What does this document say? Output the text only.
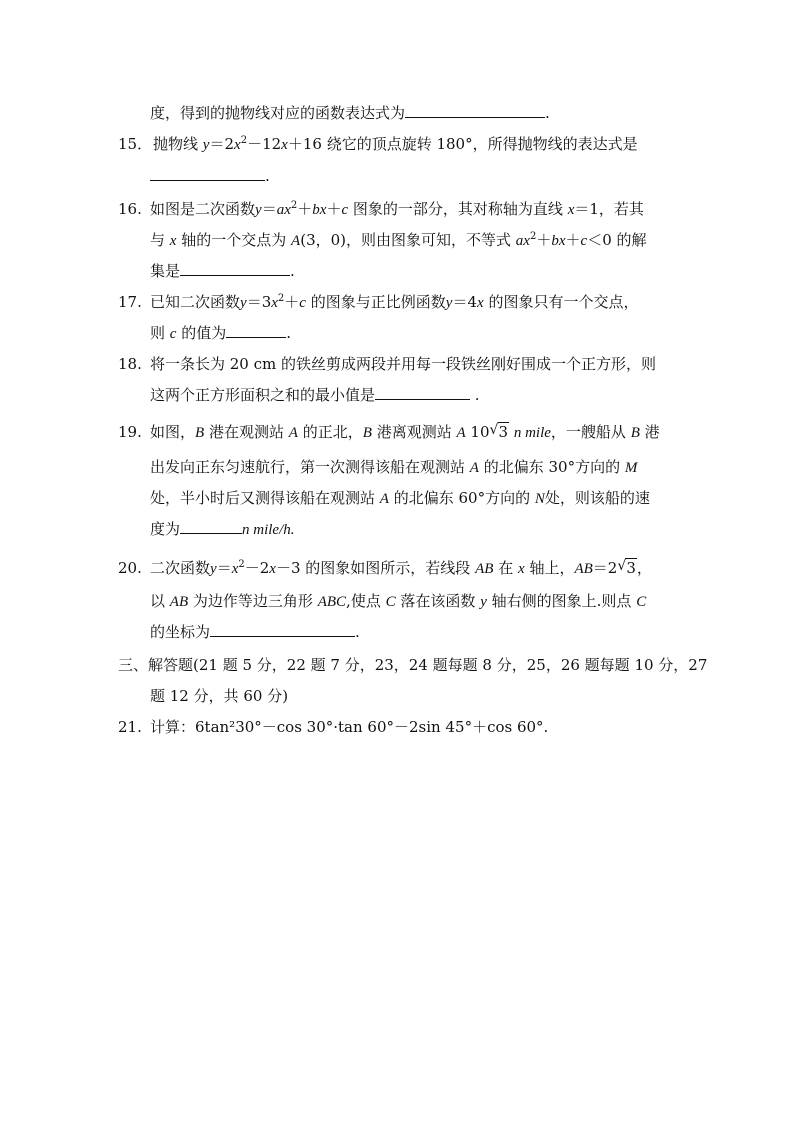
度，得到的抛物线对应的函数表达式为	.
15． 抛物线 $y=2x^2-12x+16$ 绕它的顶点旋转 180°，所得抛物线的表达式是
.
16. 如图是二次函数$y=ax^2+bx+c$ 图象的一部分，其对称轴为直线 x＝1，若其
与 x 轴的一个交点为 A(3，0)，则由图象可知，不等式 $ax^2+bx+c<0$ 的解
集是	.
17. 已知二次函数$y=3x^2+c$ 的图象与正比例函数y＝4x 的图象只有一个交点，
则 c 的值为	.
18. 将一条长为 20 cm 的铁丝剪成两段并用每一段铁丝刚好围成一个正方形，则
这两个正方形面积之和的最小值是	.
19. 如图，B 港在观测站 A 的正北，B 港离观测站 A 10 √ 3 n mile，一艘船从 B 港
出发向正东匀速航行，第一次测得该船在观测站 A 的北偏东 30°方向的 M
处，半小时后又测得该船在观测站 A 的北偏东 60°方向的 N处，则该船的速
度为	n mile/h.
20. 二次函数$y=x^2-2x-3$ 的图象如图所示，若线段 AB 在 x 轴上，AB＝2 √ 3，
以 AB 为边作等边三角形 ABC,使点 C 落在该函数 y 轴右侧的图象上.则点 C
的坐标为	.
三、解答题(21 题 5 分，22 题 7 分，23，24 题每题 8 分，25，26 题每题 10 分，27
题 12 分，共 60 分)
21. 计算：6tan²30°－cos 30°·tan 60°－2sin 45°＋cos 60°.
